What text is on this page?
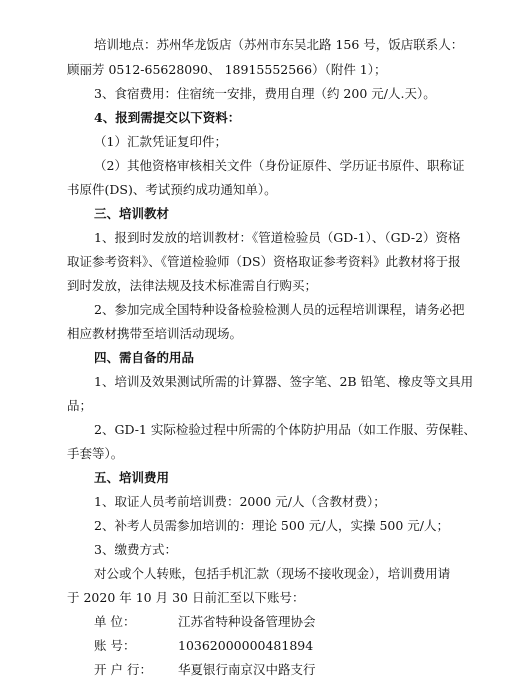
培训地点：苏州华龙饭店（苏州市东吴北路 156 号，饭店联系人：
顾丽芳 0512-65628090、 18915552566）（附件 1）；
3、食宿费用：住宿统一安排，费用自理（约 200 元/人.天）。
4、报到需提交以下资料：
（1）汇款凭证复印件；
（2）其他资格审核相关文件（身份证原件、学历证书原件、职称证
书原件(DS)、考试预约成功通知单）。
三、培训教材
1、报到时发放的培训教材：《管道检验员（GD-1）、（GD-2）资格
取证参考资料》、《管道检验师（DS）资格取证参考资料》此教材将于报
到时发放，法律法规及技术标准需自行购买；
2、参加完成全国特种设备检验检测人员的远程培训课程，请务必把
相应教材携带至培训活动现场。
四、需自备的用品
1、培训及效果测试所需的计算器、签字笔、2B 铅笔、橡皮等文具用
品；
2、GD-1 实际检验过程中所需的个体防护用品（如工作服、劳保鞋、
手套等）。
五、培训费用
1、取证人员考前培训费：2000 元/人（含教材费）；
2、补考人员需参加培训的：理论 500 元/人，实操 500 元/人；
3、缴费方式：
对公或个人转账，包括手机汇款（现场不接收现金），培训费用请
于 2020 年 10 月 30 日前汇至以下账号：
单 位：	江苏省特种设备管理协会
账 号：	10362000000481894
开 户 行： 华夏银行南京汉中路支行
